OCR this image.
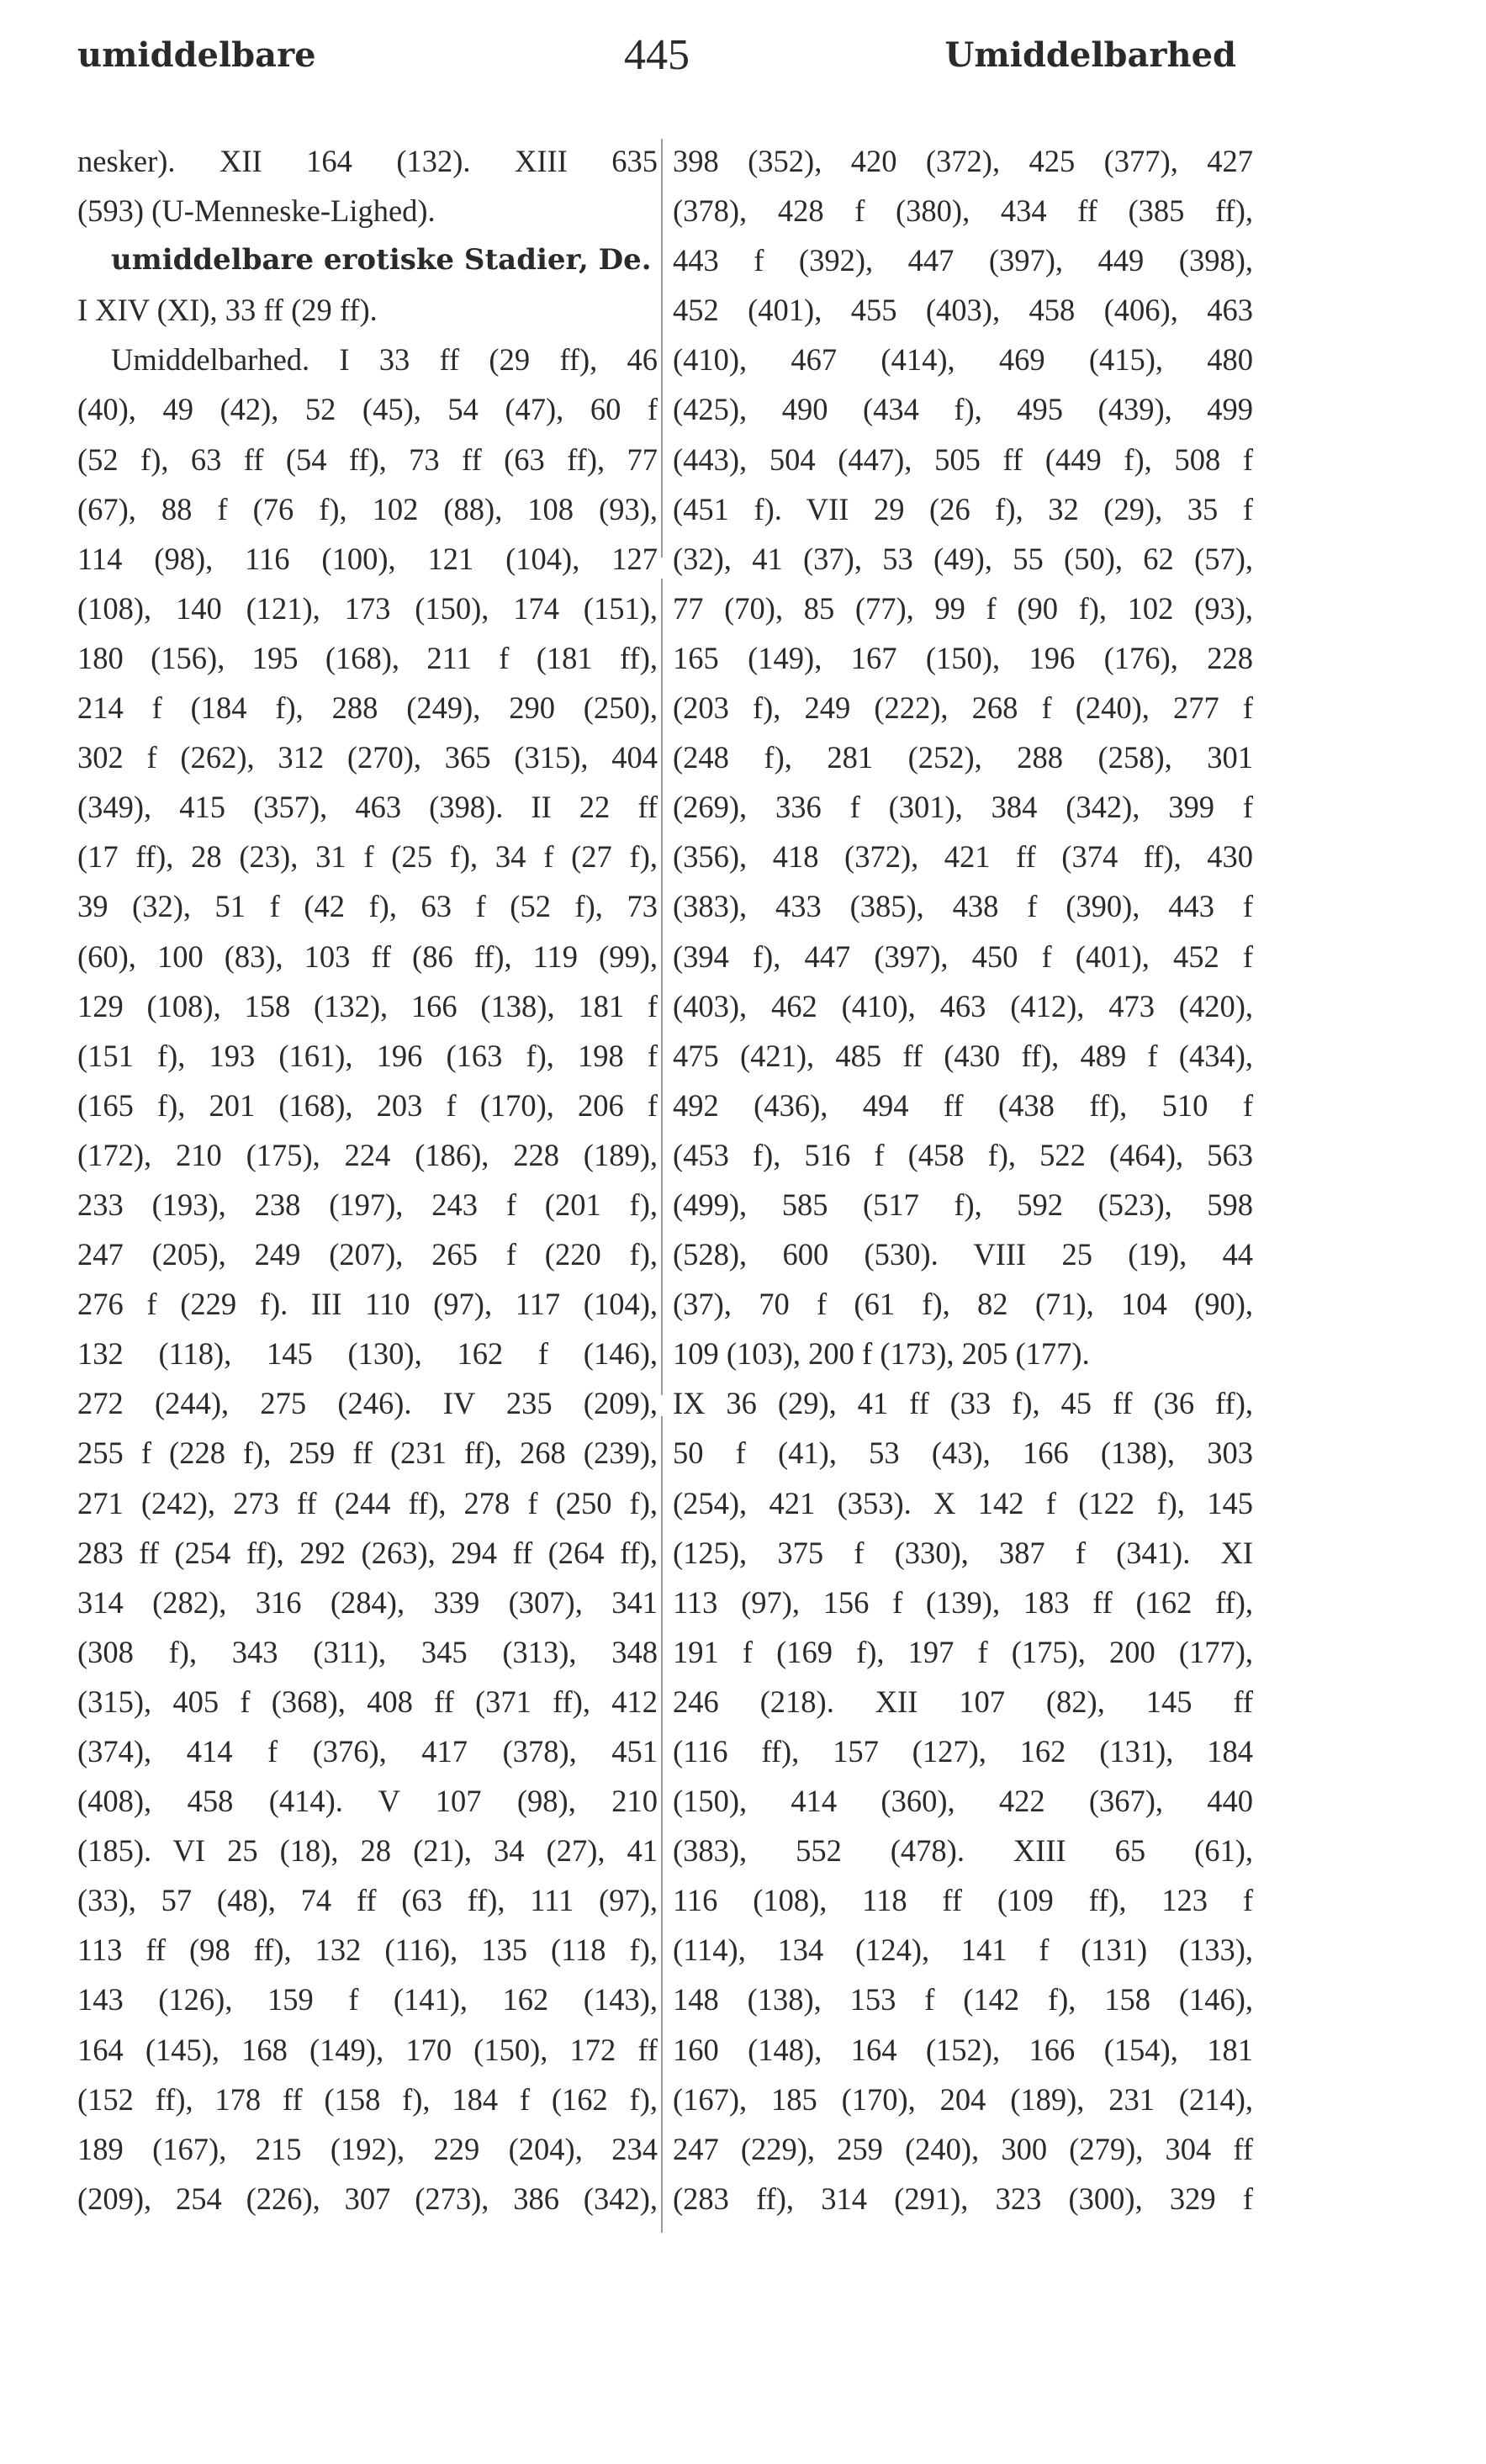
umiddelbare	445	Umiddelbarhed
nesker). XII 164 (132). XIII 635
(593) (U-Menneske-Lighed).
umiddelbare erotiske Stadier, De.
I XIV (XI), 33 ff (29 ff).
Umiddelbarhed. I 33 ff (29 ff), 46
(40), 49 (42), 52 (45), 54 (47), 60 f
(52 f), 63 ff (54 ff), 73 ff (63 ff), 77
(67), 88 f (76 f), 102 (88), 108 (93),
114 (98), 116 (100), 121 (104), 127
(108), 140 (121), 173 (150), 174 (151),
180 (156), 195 (168), 211 f (181 ff),
214 f (184 f), 288 (249), 290 (250),
302 f (262), 312 (270), 365 (315), 404
(349), 415 (357), 463 (398). II 22 ff
(17 ff), 28 (23), 31 f (25 f), 34 f (27 f),
39 (32), 51 f (42 f), 63 f (52 f), 73
(60), 100 (83), 103 ff (86 ff), 119 (99),
129 (108), 158 (132), 166 (138), 181 f
(151 f), 193 (161), 196 (163 f), 198 f
(165 f), 201 (168), 203 f (170), 206 f
(172), 210 (175), 224 (186), 228 (189),
233 (193), 238 (197), 243 f (201 f),
247 (205), 249 (207), 265 f (220 f),
276 f (229 f). III 110 (97), 117 (104),
132 (118), 145 (130), 162 f (146),
272 (244), 275 (246). IV 235 (209),
255 f (228 f), 259 ff (231 ff), 268 (239),
271 (242), 273 ff (244 ff), 278 f (250 f),
283 ff (254 ff), 292 (263), 294 ff (264 ff),
314 (282), 316 (284), 339 (307), 341
(308 f), 343 (311), 345 (313), 348
(315), 405 f (368), 408 ff (371 ff), 412
(374), 414 f (376), 417 (378), 451
(408), 458 (414). V 107 (98), 210
(185). VI 25 (18), 28 (21), 34 (27), 41
(33), 57 (48), 74 ff (63 ff), 111 (97),
113 ff (98 ff), 132 (116), 135 (118 f),
143 (126), 159 f (141), 162 (143),
164 (145), 168 (149), 170 (150), 172 ff
(152 ff), 178 ff (158 f), 184 f (162 f),
189 (167), 215 (192), 229 (204), 234
(209), 254 (226), 307 (273), 386 (342),
398 (352), 420 (372), 425 (377), 427
(378), 428 f (380), 434 ff (385 ff),
443 f (392), 447 (397), 449 (398),
452 (401), 455 (403), 458 (406), 463
(410), 467 (414), 469 (415), 480
(425), 490 (434 f), 495 (439), 499
(443), 504 (447), 505 ff (449 f), 508 f
(451 f). VII 29 (26 f), 32 (29), 35 f
(32), 41 (37), 53 (49), 55 (50), 62 (57),
77 (70), 85 (77), 99 f (90 f), 102 (93),
165 (149), 167 (150), 196 (176), 228
(203 f), 249 (222), 268 f (240), 277 f
(248 f), 281 (252), 288 (258), 301
(269), 336 f (301), 384 (342), 399 f
(356), 418 (372), 421 ff (374 ff), 430
(383), 433 (385), 438 f (390), 443 f
(394 f), 447 (397), 450 f (401), 452 f
(403), 462 (410), 463 (412), 473 (420),
475 (421), 485 ff (430 ff), 489 f (434),
492 (436), 494 ff (438 ff), 510 f
(453 f), 516 f (458 f), 522 (464), 563
(499), 585 (517 f), 592 (523), 598
(528), 600 (530). VIII 25 (19), 44
(37), 70 f (61 f), 82 (71), 104 (90),
109 (103), 200 f (173), 205 (177).
IX 36 (29), 41 ff (33 f), 45 ff (36 ff),
50 f (41), 53 (43), 166 (138), 303
(254), 421 (353). X 142 f (122 f), 145
(125), 375 f (330), 387 f (341). XI
113 (97), 156 f (139), 183 ff (162 ff),
191 f (169 f), 197 f (175), 200 (177),
246 (218). XII 107 (82), 145 ff
(116 ff), 157 (127), 162 (131), 184
(150), 414 (360), 422 (367), 440
(383), 552 (478). XIII 65 (61),
116 (108), 118 ff (109 ff), 123 f
(114), 134 (124), 141 f (131) (133),
148 (138), 153 f (142 f), 158 (146),
160 (148), 164 (152), 166 (154), 181
(167), 185 (170), 204 (189), 231 (214),
247 (229), 259 (240), 300 (279), 304 ff
(283 ff), 314 (291), 323 (300), 329 f
